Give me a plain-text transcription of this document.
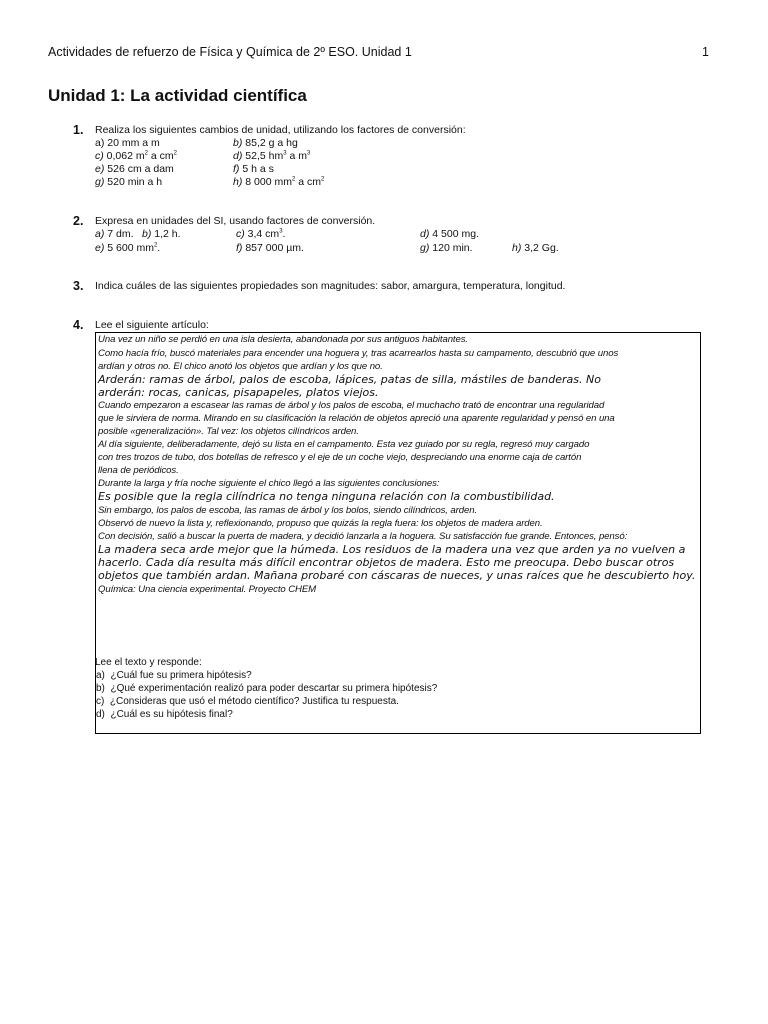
Actividades de refuerzo de Física y Química de 2º ESO. Unidad 1	1
Unidad 1: La actividad científica
1. Realiza los siguientes cambios de unidad, utilizando los factores de conversión:
a) 20 mm a m	b) 85,2 g a hg
c) 0,062 $m^2$ a $cm^2$	d) 52,5 $hm^3$ a $m^3$
e) 526 cm a dam	f) 5 h a s
g) 520 min a h	h) 8 000 $mm^2$ a $cm^2$
2. Expresa en unidades del SI, usando factores de conversión.
a) 7 dm. b) 1,2 h.	c) 3,4 $cm^3$.	d) 4 500 mg.
e) 5 600 $mm^2$.	f) 857 000 µm.	g) 120 min.	h) 3,2 Gg.
3. Indica cuáles de las siguientes propiedades son magnitudes: sabor, amargura, temperatura, longitud.
4. Lee el siguiente artículo:
Una vez un niño se perdió en una isla desierta, abandonada por sus antiguos habitantes.
Como hacía frío, buscó materiales para encender una hoguera y, tras acarrearlos hasta su campamento, descubrió que unos
ardían y otros no. El chico anotó los objetos que ardían y los que no.
Arderán: ramas de árbol, palos de escoba, lápices, patas de silla, mástiles de banderas. No
arderán: rocas, canicas, pisapapeles, platos viejos.
Cuando empezaron a escasear las ramas de árbol y los palos de escoba, el muchacho trató de encontrar una regularidad
que le sirviera de norma. Mirando en su clasificación la relación de objetos apreció una aparente regularidad y pensó en una
posible «generalización». Tal vez: los objetos cilíndricos arden.
Al día siguiente, deliberadamente, dejó su lista en el campamento. Esta vez guiado por su regla, regresó muy cargado
con tres trozos de tubo, dos botellas de refresco y el eje de un coche viejo, despreciando una enorme caja de cartón
llena de periódicos.
Durante la larga y fría noche siguiente el chico llegó a las siguientes conclusiones:
Es posible que la regla cilíndrica no tenga ninguna relación con la combustibilidad.
Sin embargo, los palos de escoba, las ramas de árbol y los bolos, siendo cilíndricos, arden.
Observó de nuevo la lista y, reflexionando, propuso que quizás la regla fuera: los objetos de madera arden.
Con decisión, salió a buscar la puerta de madera, y decidió lanzarla a la hoguera. Su satisfacción fue grande. Entonces, pensó:
La madera seca arde mejor que la húmeda. Los residuos de la madera una vez que arden ya no vuelven a
hacerlo. Cada día resulta más difícil encontrar objetos de madera. Esto me preocupa. Debo buscar otros
objetos que también ardan. Mañana probaré con cáscaras de nueces, y unas raíces que he descubierto hoy.
Química: Una ciencia experimental. Proyecto CHEM
Lee el texto y responde:
a) ¿Cuál fue su primera hipótesis?
b) ¿Qué experimentación realizó para poder descartar su primera hipótesis?
c) ¿Consideras que usó el método científico? Justifica tu respuesta.
d) ¿Cuál es su hipótesis final?
